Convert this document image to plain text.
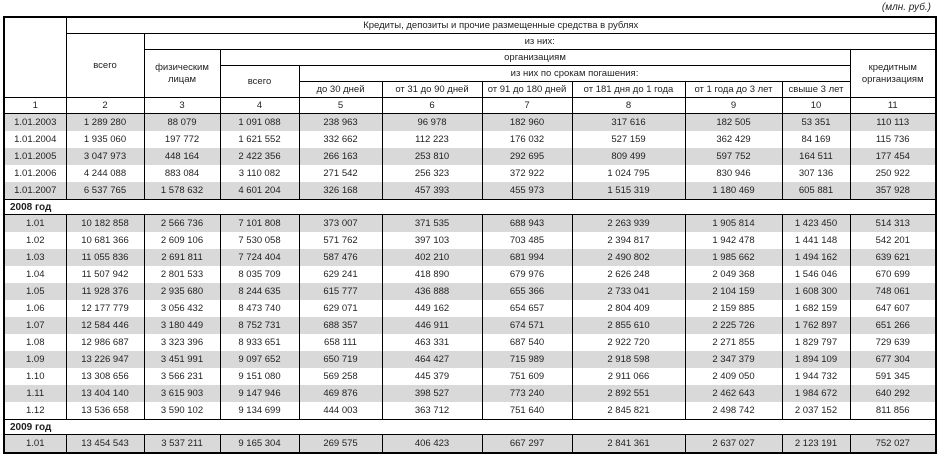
(млн. руб.)
	Кредиты, депозиты и прочие размещенные средства в рублях									
	всего	из них:								
		физическим лицам	организациям							кредитным организациям
			всего	из них по срокам погашения:						
				до 30 дней	от 31 до 90 дней	от 91 до 180 дней	от 181 дня до 1 года	от 1 года до 3 лет	свыше 3 лет	
1	2	3	4	5	6	7	8	9	10	11
1.01.2003	1 289 280	88 079	1 091 088	238 963	96 978	182 960	317 616	182 505	53 351	110 113
1.01.2004	1 935 060	197 772	1 621 552	332 662	112 223	176 032	527 159	362 429	84 169	115 736
1.01.2005	3 047 973	448 164	2 422 356	266 163	253 810	292 695	809 499	597 752	164 511	177 454
1.01.2006	4 244 088	883 084	3 110 082	271 542	256 323	372 922	1 024 795	830 946	307 136	250 922
1.01.2007	6 537 765	1 578 632	4 601 204	326 168	457 393	455 973	1 515 319	1 180 469	605 881	357 928
2008 год										
1.01	10 182 858	2 566 736	7 101 808	373 007	371 535	688 943	2 263 939	1 905 814	1 423 450	514 313
1.02	10 681 366	2 609 106	7 530 058	571 762	397 103	703 485	2 394 817	1 942 478	1 441 148	542 201
1.03	11 055 836	2 691 811	7 724 404	587 476	402 210	681 994	2 490 802	1 985 662	1 494 162	639 621
1.04	11 507 942	2 801 533	8 035 709	629 241	418 890	679 976	2 626 248	2 049 368	1 546 046	670 699
1.05	11 928 376	2 935 680	8 244 635	615 777	436 888	655 366	2 733 041	2 104 159	1 608 300	748 061
1.06	12 177 779	3 056 432	8 473 740	629 071	449 162	654 657	2 804 409	2 159 885	1 682 159	647 607
1.07	12 584 446	3 180 449	8 752 731	688 357	446 911	674 571	2 855 610	2 225 726	1 762 897	651 266
1.08	12 986 687	3 323 396	8 933 651	658 111	463 331	687 540	2 922 720	2 271 855	1 829 797	729 639
1.09	13 226 947	3 451 991	9 097 652	650 719	464 427	715 989	2 918 598	2 347 379	1 894 109	677 304
1.10	13 308 656	3 566 231	9 151 080	569 258	445 379	751 609	2 911 066	2 409 050	1 944 732	591 345
1.11	13 404 140	3 615 903	9 147 946	469 876	398 527	773 240	2 892 551	2 462 643	1 984 672	640 292
1.12	13 536 658	3 590 102	9 134 699	444 003	363 712	751 640	2 845 821	2 498 742	2 037 152	811 856
2009 год										
1.01	13 454 543	3 537 211	9 165 304	269 575	406 423	667 297	2 841 361	2 637 027	2 123 191	752 027
